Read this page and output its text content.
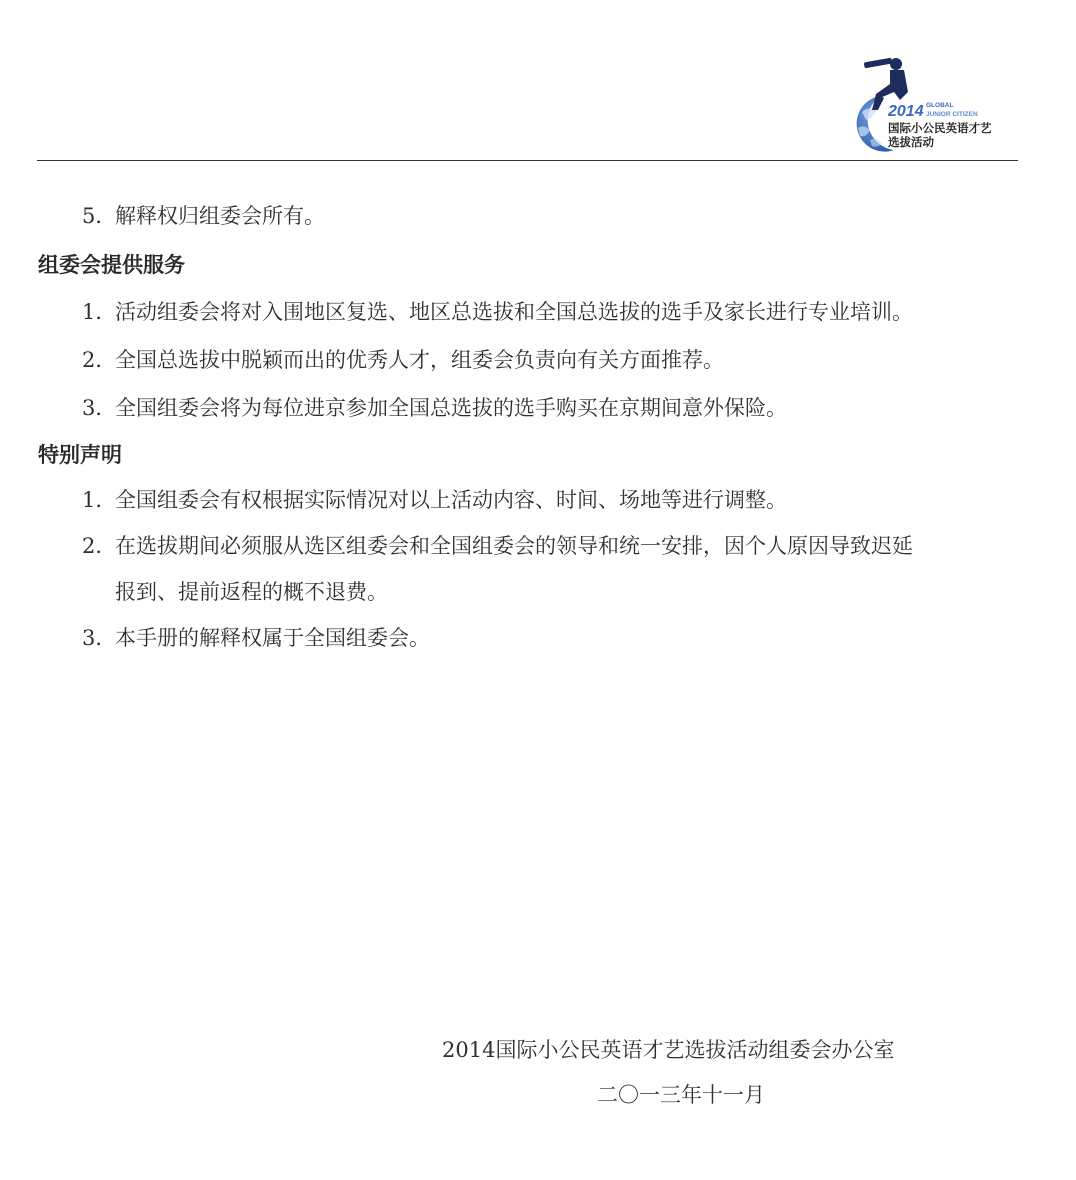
2014 GLOBAL
JUNIOR CITIZEN
国际小公民英语才艺
选拔活动
5．
解释权归组委会所有。
组委会提供服务
1．
活动组委会将对入围地区复选、地区总选拔和全国总选拔的选手及家长进行专业培训。
2．
全国总选拔中脱颖而出的优秀人才，组委会负责向有关方面推荐。
3．
全国组委会将为每位进京参加全国总选拔的选手购买在京期间意外保险。
特别声明
1．
全国组委会有权根据实际情况对以上活动内容、时间、场地等进行调整。
2．
在选拔期间必须服从选区组委会和全国组委会的领导和统一安排，因个人原因导致迟延
报到、提前返程的概不退费。
3．
本手册的解释权属于全国组委会。
2014国际小公民英语才艺选拔活动组委会办公室
二〇一三年十一月
